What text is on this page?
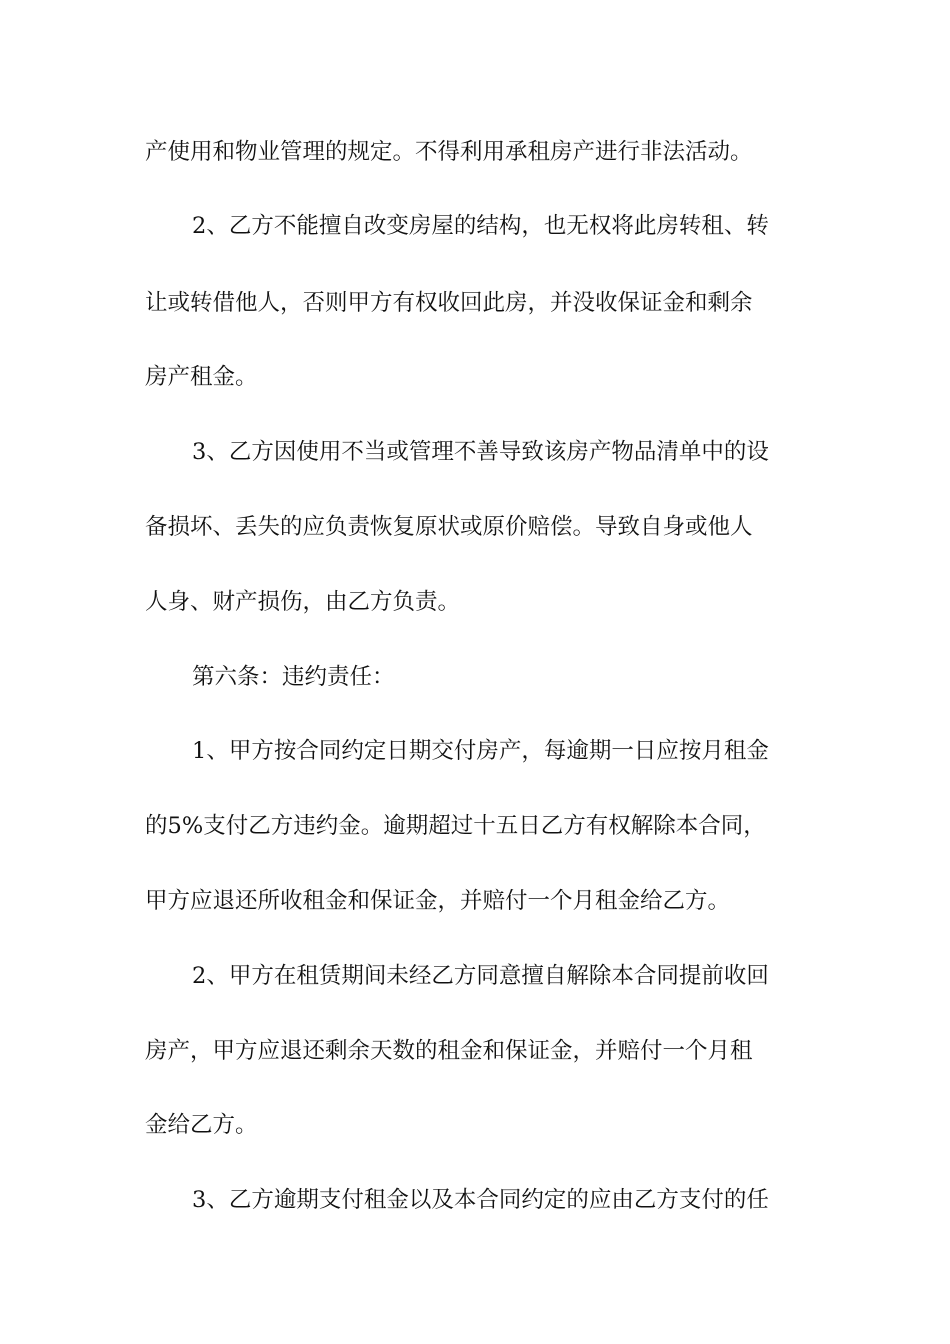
产使用和物业管理的规定。不得利用承租房产进行非法活动。
2、乙方不能擅自改变房屋的结构，也无权将此房转租、转
让或转借他人，否则甲方有权收回此房，并没收保证金和剩余
房产租金。
3、乙方因使用不当或管理不善导致该房产物品清单中的设
备损坏、丢失的应负责恢复原状或原价赔偿。导致自身或他人
人身、财产损伤，由乙方负责。
第六条：违约责任：
1、甲方按合同约定日期交付房产，每逾期一日应按月租金
的5%支付乙方违约金。逾期超过十五日乙方有权解除本合同，
甲方应退还所收租金和保证金，并赔付一个月租金给乙方。
2、甲方在租赁期间未经乙方同意擅自解除本合同提前收回
房产，甲方应退还剩余天数的租金和保证金，并赔付一个月租
金给乙方。
3、乙方逾期支付租金以及本合同约定的应由乙方支付的任
